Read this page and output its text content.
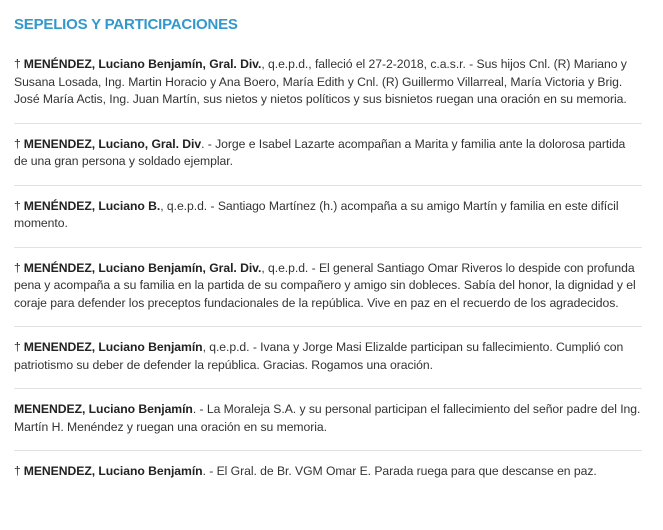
SEPELIOS Y PARTICIPACIONES
† MENÉNDEZ, Luciano Benjamín, Gral. Div., q.e.p.d., falleció el 27-2-2018, c.a.s.r. - Sus hijos Cnl. (R) Mariano y Susana Losada, Ing. Martin Horacio y Ana Boero, María Edith y Cnl. (R) Guillermo Villarreal, María Victoria y Brig. José María Actis, Ing. Juan Martín, sus nietos y nietos políticos y sus bisnietos ruegan una oración en su memoria.
† MENENDEZ, Luciano, Gral. Div. - Jorge e Isabel Lazarte acompañan a Marita y familia ante la dolorosa partida de una gran persona y soldado ejemplar.
† MENÉNDEZ, Luciano B., q.e.p.d. - Santiago Martínez (h.) acompaña a su amigo Martín y familia en este difícil momento.
† MENÉNDEZ, Luciano Benjamín, Gral. Div., q.e.p.d. - El general Santiago Omar Riveros lo despide con profunda pena y acompaña a su familia en la partida de su compañero y amigo sin dobleces. Sabía del honor, la dignidad y el coraje para defender los preceptos fundacionales de la república. Vive en paz en el recuerdo de los agradecidos.
† MENENDEZ, Luciano Benjamín, q.e.p.d. - Ivana y Jorge Masi Elizalde participan su fallecimiento. Cumplió con patriotismo su deber de defender la república. Gracias. Rogamos una oración.
MENENDEZ, Luciano Benjamín. - La Moraleja S.A. y su personal participan el fallecimiento del señor padre del Ing. Martín H. Menéndez y ruegan una oración en su memoria.
† MENENDEZ, Luciano Benjamín. - El Gral. de Br. VGM Omar E. Parada ruega para que descanse en paz.
